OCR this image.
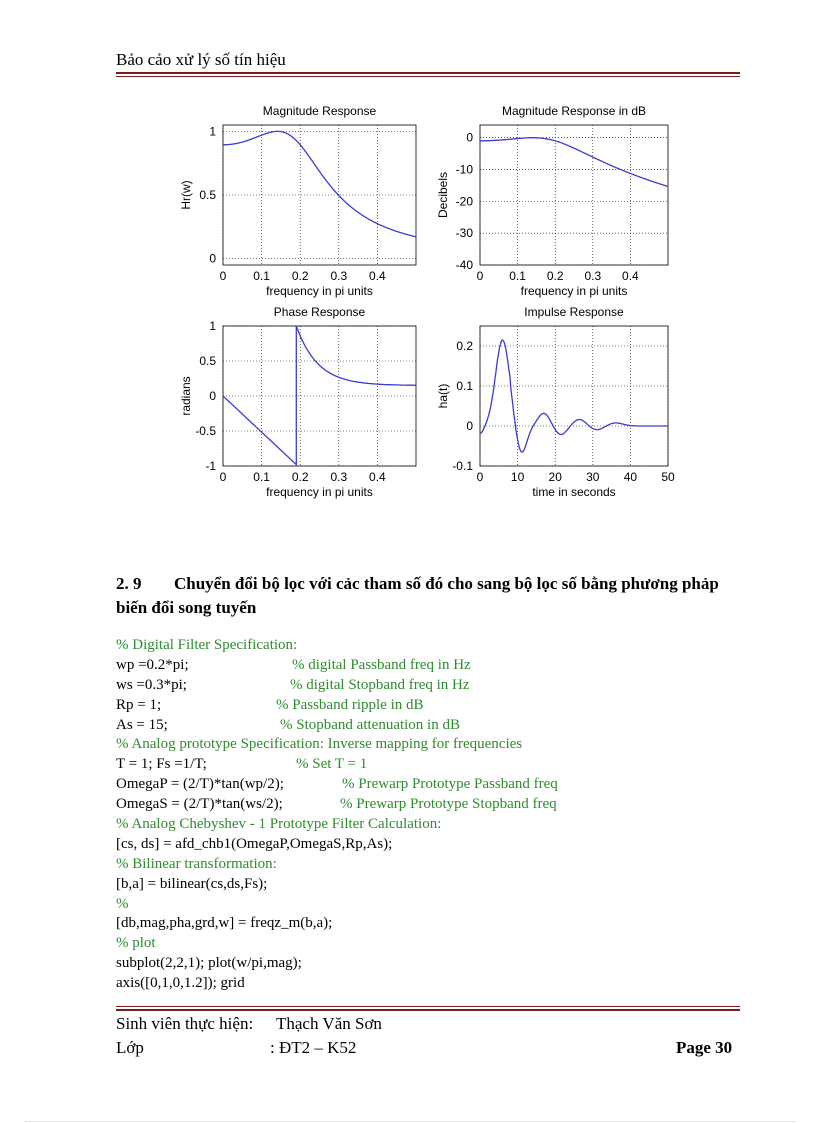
Bảo cảo xử lý số tín hiệu
0 0.1 0.2 0.3 0.4
1
0.5
0
Magnitude Response
frequency in pi units
Hr(w)
0 0.1 0.2 0.3 0.4
0
-10
-20
-30
-40
Magnitude Response in dB
frequency in pi units
Decibels
0 0.1 0.2 0.3 0.4
1
0.5
0
-0.5
-1
Phase Response
frequency in pi units
radians
0 10 20 30 40 50
0.2
0.1
0
-0.1
Impulse Response
time in seconds
ha(t)
2. 9 Chuyển đổi bộ lọc với cảc tham số đó cho sang bộ lọc số bằng phương phảp biến đổi song tuyến
% Digital Filter Specification:
wp =0.2*pi;	% digital Passband freq in Hz
ws =0.3*pi;	% digital Stopband freq in Hz
Rp = 1;	% Passband ripple in dB
As = 15;	% Stopband attenuation in dB
% Analog prototype Specification: Inverse mapping for frequencies
T = 1; Fs =1/T;	% Set T = 1
OmegaP = (2/T)*tan(wp/2);	% Prewarp Prototype Passband freq
OmegaS = (2/T)*tan(ws/2);	% Prewarp Prototype Stopband freq
% Analog Chebyshev - 1 Prototype Filter Calculation:
[cs, ds] = afd_chb1(OmegaP,OmegaS,Rp,As);
% Bilinear transformation:
[b,a] = bilinear(cs,ds,Fs);
%
[db,mag,pha,grd,w] = freqz_m(b,a);
% plot
subplot(2,2,1); plot(w/pi,mag);
axis([0,1,0,1.2]); grid
Sinh viên thực hiện: Thạch Văn Sơn
Lớp	: ĐT2 – K52	Page 30
